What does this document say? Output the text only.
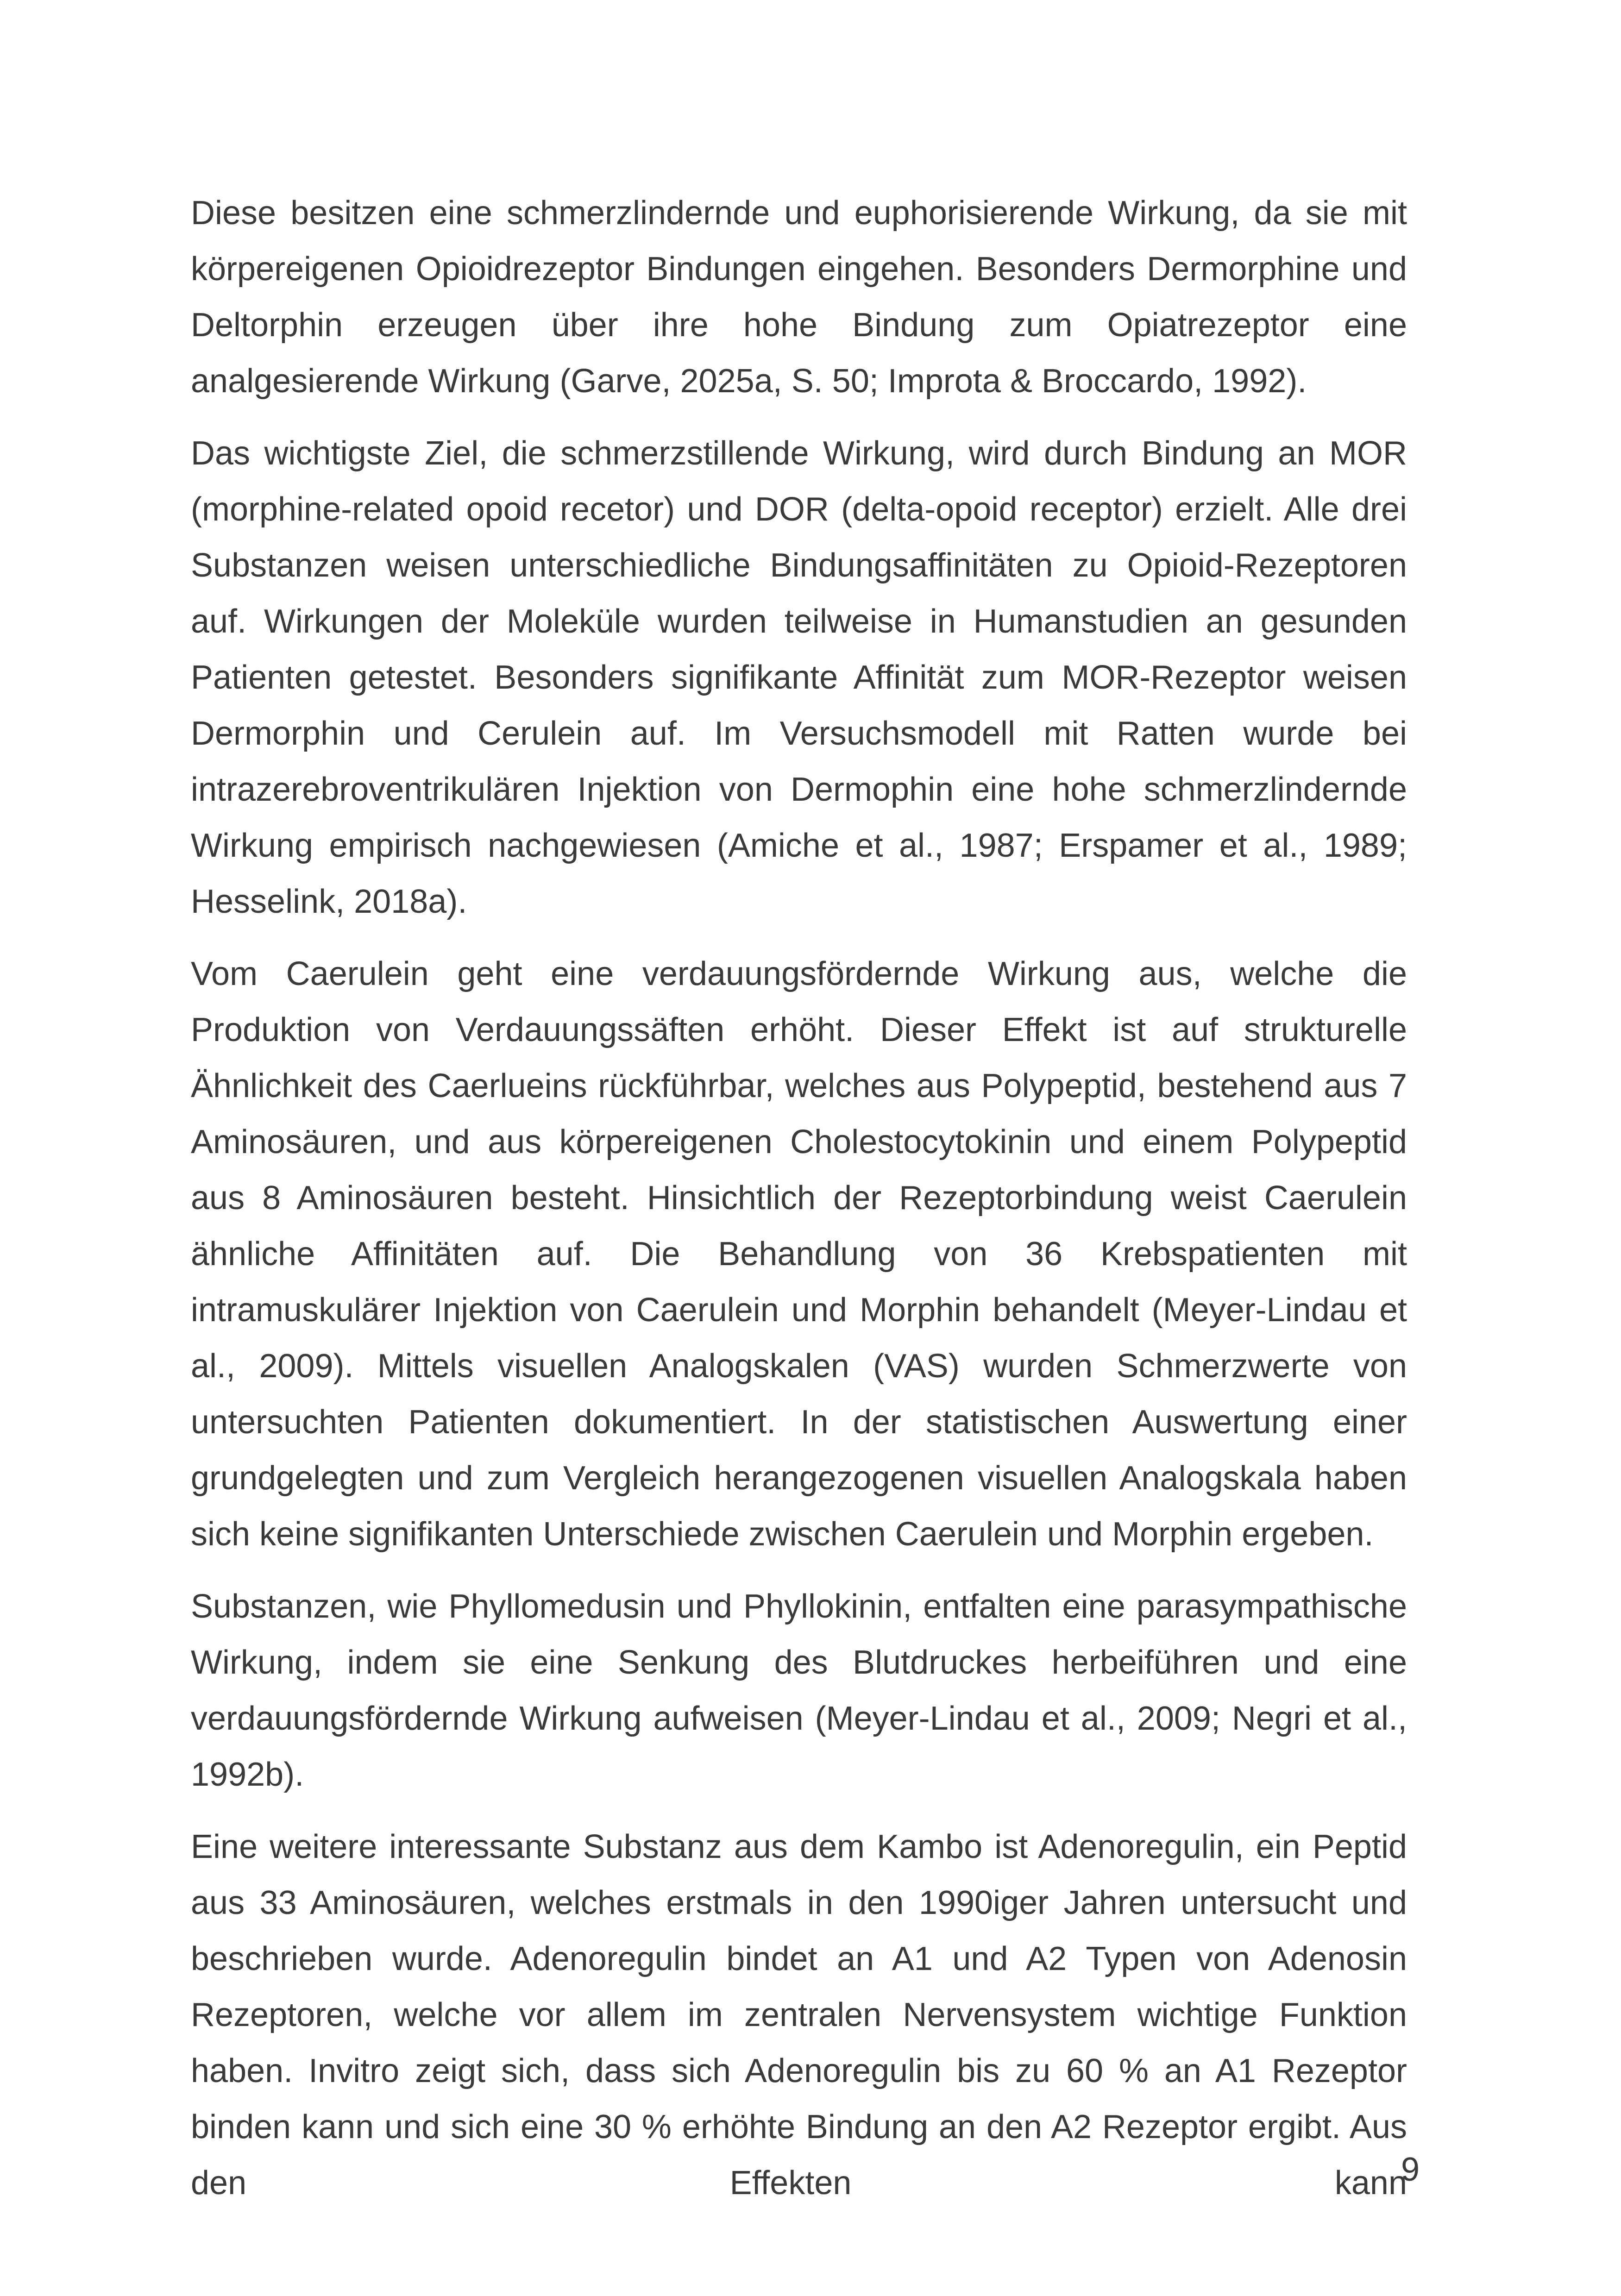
Diese besitzen eine schmerzlindernde und euphorisierende Wirkung, da sie mit körpereigenen Opioidrezeptor Bindungen eingehen. Besonders Dermorphine und Deltorphin erzeugen über ihre hohe Bindung zum Opiatrezeptor eine analgesierende Wirkung (Garve, 2025a, S. 50; Improta & Broccardo, 1992).

Das wichtigste Ziel, die schmerzstillende Wirkung, wird durch Bindung an MOR (morphine-related opoid recetor) und DOR (delta-opoid receptor) erzielt. Alle drei Substanzen weisen unterschiedliche Bindungsaffinitäten zu Opioid-Rezeptoren auf. Wirkungen der Moleküle wurden teilweise in Humanstudien an gesunden Patienten getestet. Besonders signifikante Affinität zum MOR-Rezeptor weisen Dermorphin und Cerulein auf. Im Versuchsmodell mit Ratten wurde bei intrazerebroventrikulären Injektion von Dermophin eine hohe schmerzlindernde Wirkung empirisch nachgewiesen (Amiche et al., 1987; Erspamer et al., 1989; Hesselink, 2018a).

Vom Caerulein geht eine verdauungsfördernde Wirkung aus, welche die Produktion von Verdauungssäften erhöht. Dieser Effekt ist auf strukturelle Ähnlichkeit des Caerlueins rückführbar, welches aus Polypeptid, bestehend aus 7 Aminosäuren, und aus körpereigenen Cholestocytokinin und einem Polypeptid aus 8 Aminosäuren besteht. Hinsichtlich der Rezeptorbindung weist Caerulein ähnliche Affinitäten auf. Die Behandlung von 36 Krebspatienten mit intramuskulärer Injektion von Caerulein und Morphin behandelt (Meyer-Lindau et al., 2009). Mittels visuellen Analogskalen (VAS) wurden Schmerzwerte von untersuchten Patienten dokumentiert. In der statistischen Auswertung einer grundgelegten und zum Vergleich herangezogenen visuellen Analogskala haben sich keine signifikanten Unterschiede zwischen Caerulein und Morphin ergeben.

Substanzen, wie Phyllomedusin und Phyllokinin, entfalten eine parasympathische Wirkung, indem sie eine Senkung des Blutdruckes herbeiführen und eine verdauungsfördernde Wirkung aufweisen (Meyer-Lindau et al., 2009; Negri et al., 1992b).

Eine weitere interessante Substanz aus dem Kambo ist Adenoregulin, ein Peptid aus 33 Aminosäuren, welches erstmals in den 1990iger Jahren untersucht und beschrieben wurde. Adenoregulin bindet an A1 und A2 Typen von Adenosin Rezeptoren, welche vor allem im zentralen Nervensystem wichtige Funktion haben. Invitro zeigt sich, dass sich Adenoregulin bis zu 60 % an A1 Rezeptor binden kann und sich eine 30 % erhöhte Bindung an den A2 Rezeptor ergibt. Aus den Effekten kann

9
